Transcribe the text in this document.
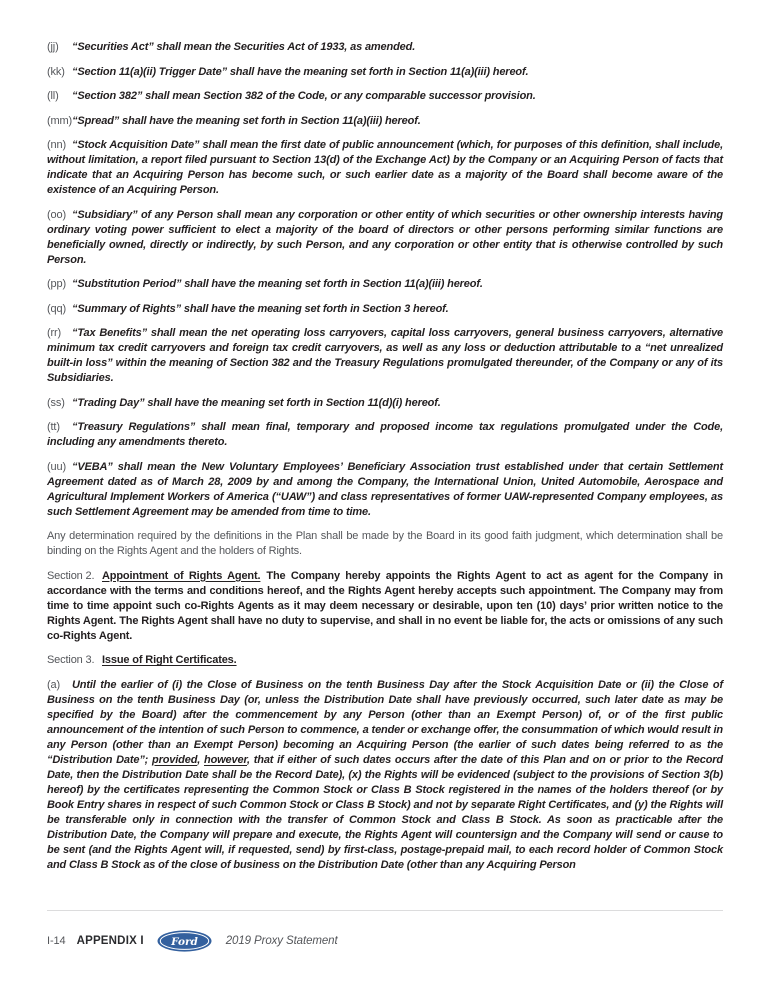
(jj) “Securities Act” shall mean the Securities Act of 1933, as amended.

(kk) “Section 11(a)(ii) Trigger Date” shall have the meaning set forth in Section 11(a)(iii) hereof.

(ll) “Section 382” shall mean Section 382 of the Code, or any comparable successor provision.

(mm)“Spread” shall have the meaning set forth in Section 11(a)(iii) hereof.

(nn) “Stock Acquisition Date” shall mean the first date of public announcement (which, for purposes of this definition, shall include, without limitation, a report filed pursuant to Section 13(d) of the Exchange Act) by the Company or an Acquiring Person of facts that indicate that an Acquiring Person has become such, or such earlier date as a majority of the Board shall become aware of the existence of an Acquiring Person.

(oo) “Subsidiary” of any Person shall mean any corporation or other entity of which securities or other ownership interests having ordinary voting power sufficient to elect a majority of the board of directors or other persons performing similar functions are beneficially owned, directly or indirectly, by such Person, and any corporation or other entity that is otherwise controlled by such Person.

(pp) “Substitution Period” shall have the meaning set forth in Section 11(a)(iii) hereof.

(qq) “Summary of Rights” shall have the meaning set forth in Section 3 hereof.

(rr) “Tax Benefits” shall mean the net operating loss carryovers, capital loss carryovers, general business carryovers, alternative minimum tax credit carryovers and foreign tax credit carryovers, as well as any loss or deduction attributable to a “net unrealized built-in loss” within the meaning of Section 382 and the Treasury Regulations promulgated thereunder, of the Company or any of its Subsidiaries.

(ss) “Trading Day” shall have the meaning set forth in Section 11(d)(i) hereof.

(tt) “Treasury Regulations” shall mean final, temporary and proposed income tax regulations promulgated under the Code, including any amendments thereto.

(uu) “VEBA” shall mean the New Voluntary Employees’ Beneficiary Association trust established under that certain Settlement Agreement dated as of March 28, 2009 by and among the Company, the International Union, United Automobile, Aerospace and Agricultural Implement Workers of America (“UAW”) and class representatives of former UAW-represented Company employees, as such Settlement Agreement may be amended from time to time.

Any determination required by the definitions in the Plan shall be made by the Board in its good faith judgment, which determination shall be binding on the Rights Agent and the holders of Rights.

Section 2. Appointment of Rights Agent. The Company hereby appoints the Rights Agent to act as agent for the Company in accordance with the terms and conditions hereof, and the Rights Agent hereby accepts such appointment. The Company may from time to time appoint such co-Rights Agents as it may deem necessary or desirable, upon ten (10) days’ prior written notice to the Rights Agent. The Rights Agent shall have no duty to supervise, and shall in no event be liable for, the acts or omissions of any such co-Rights Agent.

Section 3. Issue of Right Certificates.

(a) Until the earlier of (i) the Close of Business on the tenth Business Day after the Stock Acquisition Date or (ii) the Close of Business on the tenth Business Day (or, unless the Distribution Date shall have previously occurred, such later date as may be specified by the Board) after the commencement by any Person (other than an Exempt Person) of, or of the first public announcement of the intention of such Person to commence, a tender or exchange offer, the consummation of which would result in any Person (other than an Exempt Person) becoming an Acquiring Person (the earlier of such dates being referred to as the “Distribution Date”; provided, however, that if either of such dates occurs after the date of this Plan and on or prior to the Record Date, then the Distribution Date shall be the Record Date), (x) the Rights will be evidenced (subject to the provisions of Section 3(b) hereof) by the certificates representing the Common Stock or Class B Stock registered in the names of the holders thereof (or by Book Entry shares in respect of such Common Stock or Class B Stock) and not by separate Right Certificates, and (y) the Rights will be transferable only in connection with the transfer of Common Stock and Class B Stock. As soon as practicable after the Distribution Date, the Company will prepare and execute, the Rights Agent will countersign and the Company will send or cause to be sent (and the Rights Agent will, if requested, send) by first-class, postage-prepaid mail, to each record holder of Common Stock and Class B Stock as of the close of business on the Distribution Date (other than any Acquiring Person

I-14 APPENDIX I	Ford 2019 Proxy Statement
